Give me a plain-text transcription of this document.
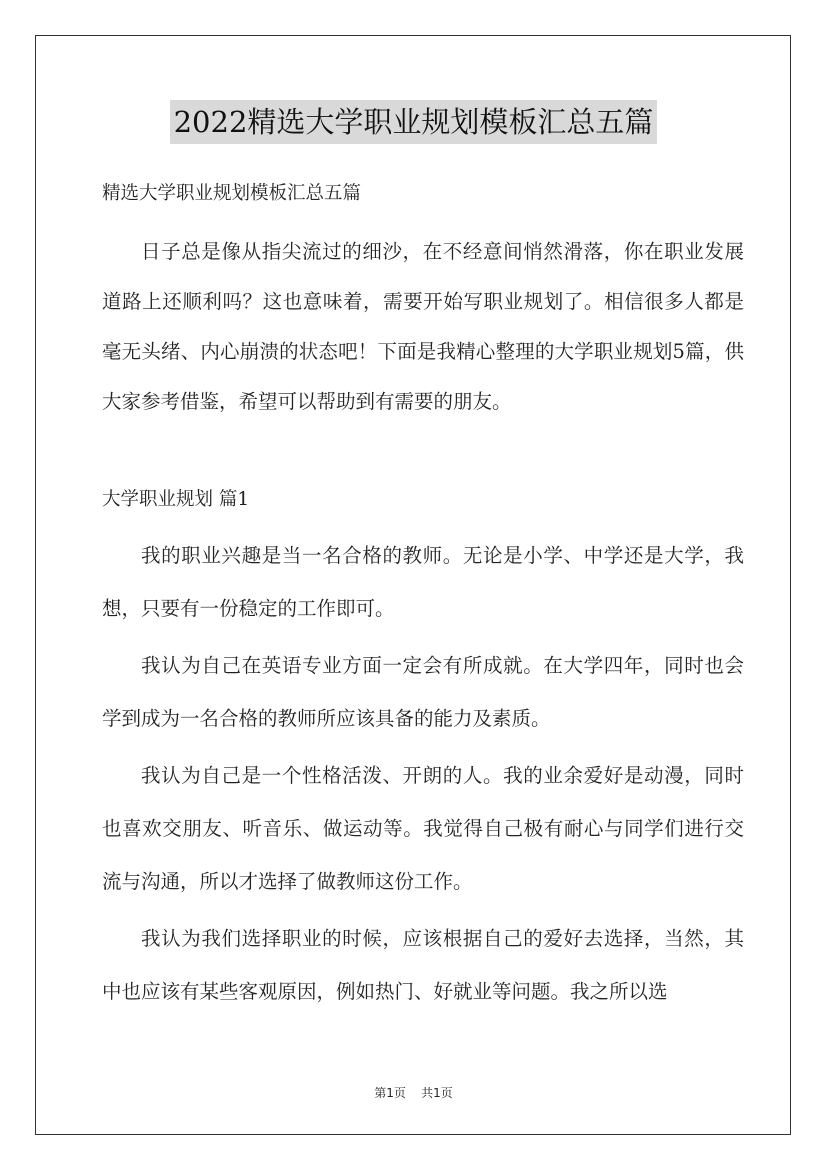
2022精选大学职业规划模板汇总五篇
精选大学职业规划模板汇总五篇

日子总是像从指尖流过的细沙，在不经意间悄然滑落，你在职业发展道路上还顺利吗？这也意味着，需要开始写职业规划了。相信很多人都是毫无头绪、内心崩溃的状态吧！下面是我精心整理的大学职业规划5篇，供大家参考借鉴，希望可以帮助到有需要的朋友。

大学职业规划 篇1

我的职业兴趣是当一名合格的教师。无论是小学、中学还是大学，我想，只要有一份稳定的工作即可。

我认为自己在英语专业方面一定会有所成就。在大学四年，同时也会学到成为一名合格的教师所应该具备的能力及素质。

我认为自己是一个性格活泼、开朗的人。我的业余爱好是动漫，同时也喜欢交朋友、听音乐、做运动等。我觉得自己极有耐心与同学们进行交流与沟通，所以才选择了做教师这份工作。

我认为我们选择职业的时候，应该根据自己的爱好去选择，当然，其中也应该有某些客观原因，例如热门、好就业等问题。我之所以选

第1页 共1页
